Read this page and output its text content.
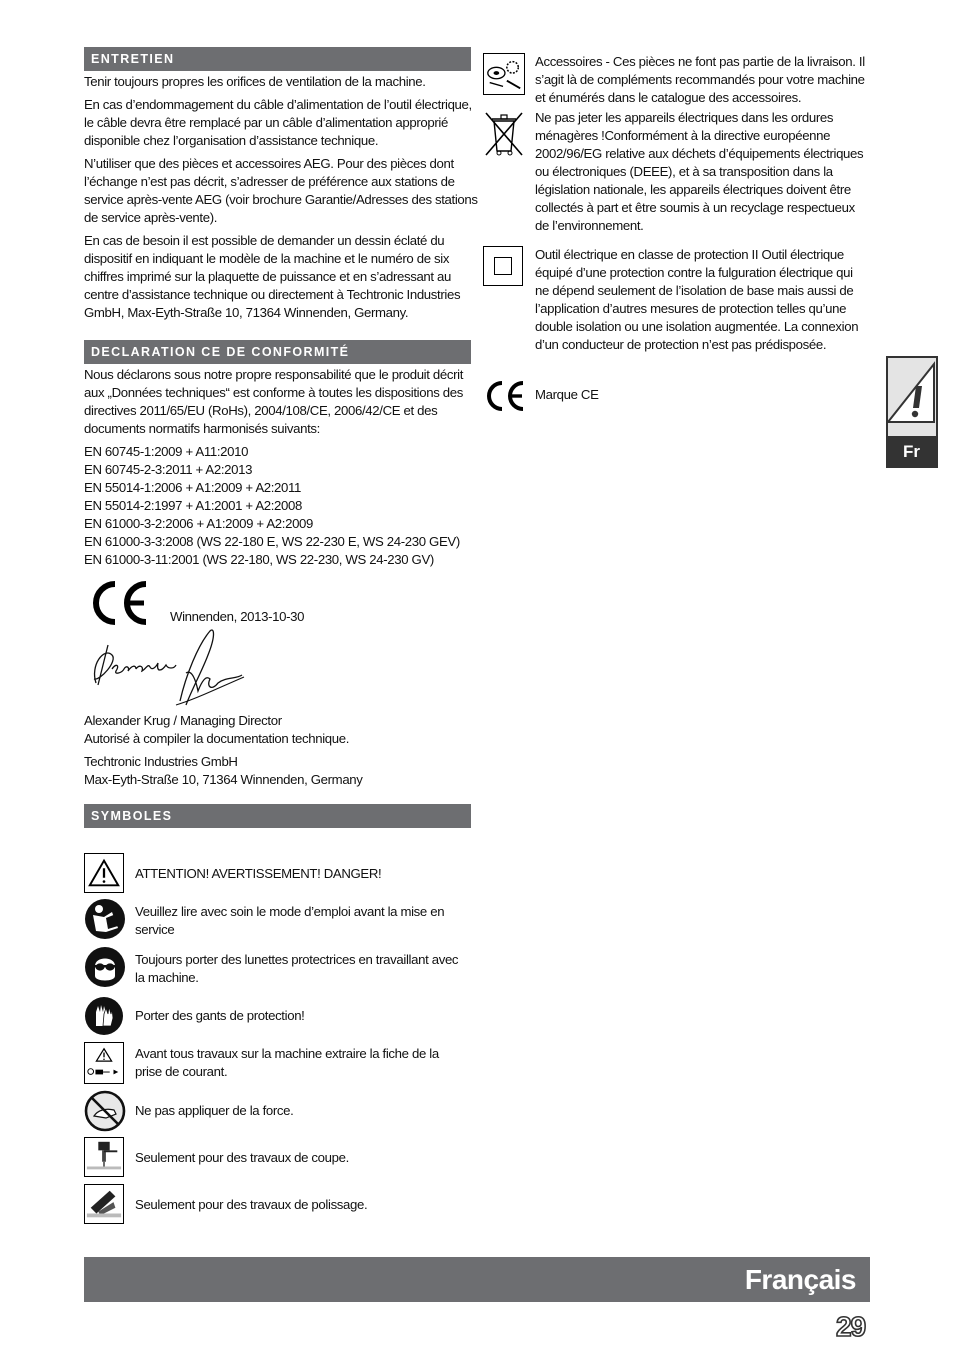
ENTRETIEN

Tenir toujours propres les orifices de ventilation de la machine.

En cas d’endommagement du câble d’alimentation de l’outil électrique, le câble devra être remplacé par un câble d’alimentation approprié disponible chez l’organisation d’assistance technique.

N’utiliser que des pièces et accessoires AEG. Pour des pièces dont l’échange n’est pas décrit, s’adresser de préférence aux stations de service après-vente AEG (voir brochure Garantie/Adresses des stations de service après-vente).

En cas de besoin il est possible de demander un dessin éclaté du dispositif en indiquant le modèle de la machine et le numéro de six chiffres imprimé sur la plaquette de puissance et en s’adressant au centre d’assistance technique ou directement à Techtronic Industries GmbH, Max-Eyth-Straße 10, 71364 Winnenden, Germany.

DECLARATION CE DE CONFORMITÉ

Nous déclarons sous notre propre responsabilité que le produit décrit aux „Données techniques“ est conforme à toutes les dispositions des directives 2011/65/EU (RoHs), 2004/108/CE, 2006/42/CE et des documents normatifs harmonisés suivants:

EN 60745-1:2009 + A11:2010
EN 60745-2-3:2011 + A2:2013
EN 55014-1:2006 + A1:2009 + A2:2011
EN 55014-2:1997 + A1:2001 + A2:2008
EN 61000-3-2:2006 + A1:2009 + A2:2009
EN 61000-3-3:2008 (WS 22-180 E, WS 22-230 E, WS 24-230 GEV)
EN 61000-3-11:2001 (WS 22-180, WS 22-230, WS 24-230 GV)
Winnenden, 2013-10-30
Alexander Krug / Managing Director

Autorisé à compiler la documentation technique.

Techtronic Industries GmbH
Max-Eyth-Straße 10, 71364 Winnenden, Germany
SYMBOLES
ATTENTION! AVERTISSEMENT! DANGER!
Veuillez lire avec soin le mode d’emploi avant la mise en service
Toujours porter des lunettes protectrices en travaillant avec la machine.
Porter des gants de protection!
Avant tous travaux sur la machine extraire la fiche de la prise de courant.
Ne pas appliquer de la force.
Seulement pour des travaux de coupe.
Seulement pour des travaux de polissage.
Accessoires - Ces pièces ne font pas partie de la livraison. Il s’agit là de compléments recommandés pour votre machine et énumérés dans le catalogue des accessoires.
Ne pas jeter les appareils électriques dans les ordures ménagères !Conformément à la directive européenne 2002/96/EG relative aux déchets d’équipements électriques ou électroniques (DEEE), et à sa transposition dans la législation nationale, les appareils électriques doivent être collectés à part et être soumis à un recyclage respectueux de l’environnement.
Outil électrique en classe de protection II Outil électrique équipé d’une protection contre la fulguration électrique qui ne dépend seulement de l’isolation de base mais aussi de l’application d’autres mesures de protection telles qu’une double isolation ou une isolation augmentée. La connexion d’un conducteur de protection n’est pas prédisposée.
Marque CE
Fr
Français
29
